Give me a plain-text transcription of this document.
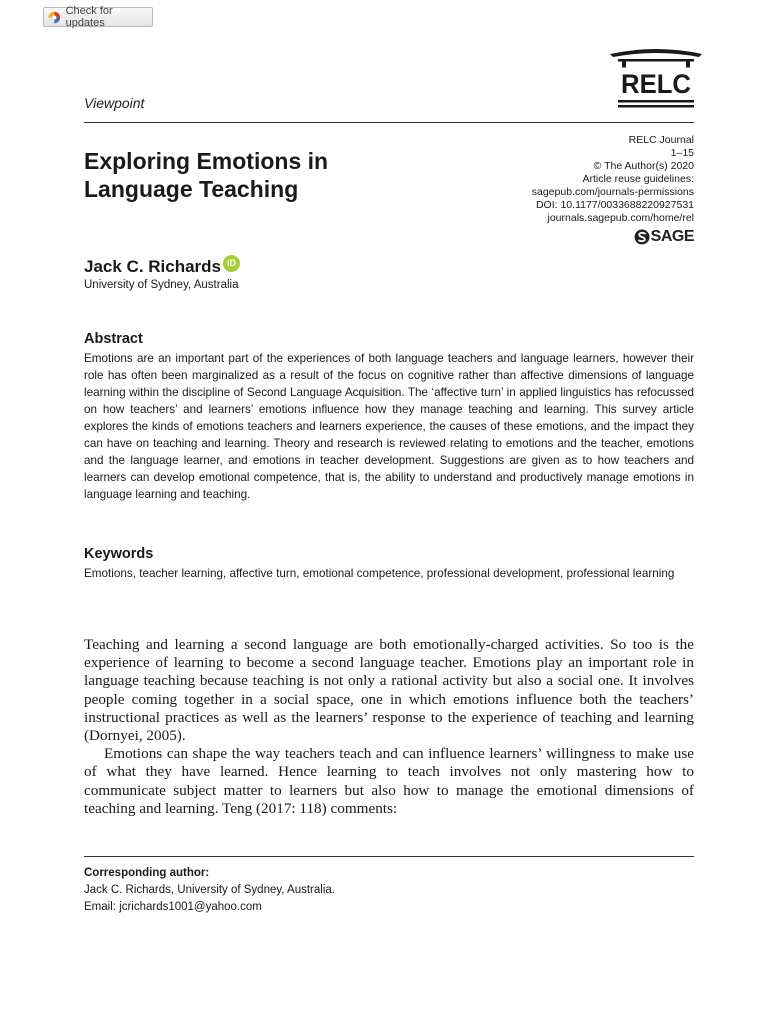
Check for updates
RELC
Viewpoint
Exploring Emotions in
Language Teaching
RELC Journal
1–15
© The Author(s) 2020
Article reuse guidelines:
sagepub.com/journals-permissions
DOI: 10.1177/0033688220927531
journals.sagepub.com/home/rel
SAGE
Jack C. Richards iD
University of Sydney, Australia
Abstract

Emotions are an important part of the experiences of both language teachers and language learners, however their role has often been marginalized as a result of the focus on cognitive rather than affective dimensions of language learning within the discipline of Second Language Acquisition. The ‘affective turn’ in applied linguistics has refocussed on how teachers’ and learners’ emotions influence how they manage teaching and learning. This survey article explores the kinds of emotions teachers and learners experience, the causes of these emotions, and the impact they can have on teaching and learning. Theory and research is reviewed relating to emotions and the teacher, emotions and the language learner, and emotions in teacher development. Suggestions are given as to how teachers and learners can develop emotional competence, that is, the ability to understand and productively manage emotions in language learning and teaching.

Keywords

Emotions, teacher learning, affective turn, emotional competence, professional development, professional learning

Teaching and learning a second language are both emotionally-charged activities. So too is the experience of learning to become a second language teacher. Emotions play an important role in language teaching because teaching is not only a rational activity but also a social one. It involves people coming together in a social space, one in which emotions influence both the teachers’ instructional practices as well as the learners’ response to the experience of teaching and learning (Dornyei, 2005).

Emotions can shape the way teachers teach and can influence learners’ willingness to make use of what they have learned. Hence learning to teach involves not only mastering how to communicate subject matter to learners but also how to manage the emotional dimensions of teaching and learning. Teng (2017: 118) comments:

Corresponding author:
Jack C. Richards, University of Sydney, Australia.
Email: jcrichards1001@yahoo.com
